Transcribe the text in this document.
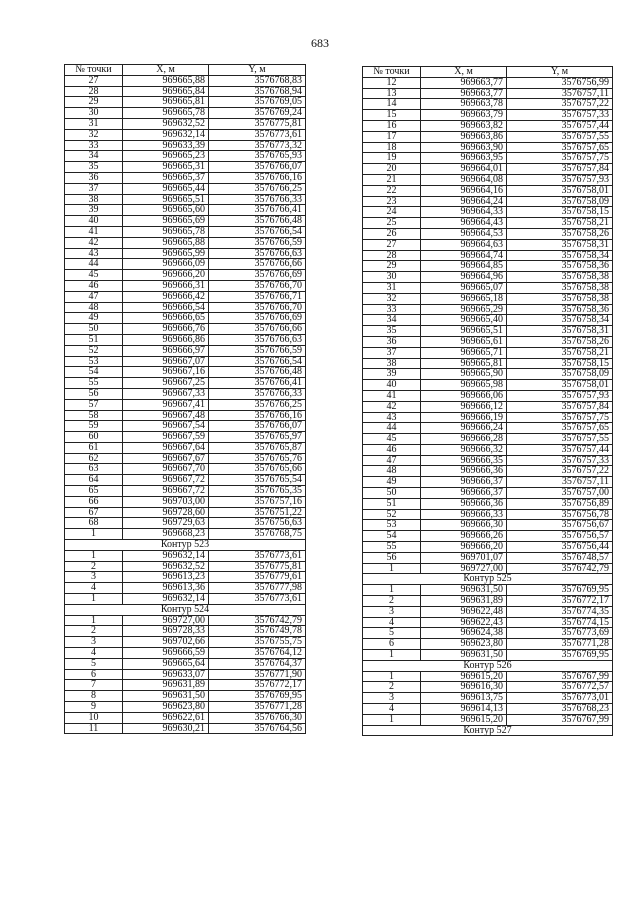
683
№ точки	X, м	Y, м
27	969665,88	3576768,83
28	969665,84	3576768,94
29	969665,81	3576769,05
30	969665,78	3576769,24
31	969632,52	3576775,81
32	969632,14	3576773,61
33	969633,39	3576773,32
34	969665,23	3576765,93
35	969665,31	3576766,07
36	969665,37	3576766,16
37	969665,44	3576766,25
38	969665,51	3576766,33
39	969665,60	3576766,41
40	969665,69	3576766,48
41	969665,78	3576766,54
42	969665,88	3576766,59
43	969665,99	3576766,63
44	969666,09	3576766,66
45	969666,20	3576766,69
46	969666,31	3576766,70
47	969666,42	3576766,71
48	969666,54	3576766,70
49	969666,65	3576766,69
50	969666,76	3576766,66
51	969666,86	3576766,63
52	969666,97	3576766,59
53	969667,07	3576766,54
54	969667,16	3576766,48
55	969667,25	3576766,41
56	969667,33	3576766,33
57	969667,41	3576766,25
58	969667,48	3576766,16
59	969667,54	3576766,07
60	969667,59	3576765,97
61	969667,64	3576765,87
62	969667,67	3576765,76
63	969667,70	3576765,66
64	969667,72	3576765,54
65	969667,72	3576765,35
66	969703,00	3576757,16
67	969728,60	3576751,22
68	969729,63	3576756,63
1	969668,23	3576768,75
Контур 523		
1	969632,14	3576773,61
2	969632,52	3576775,81
3	969613,23	3576779,61
4	969613,36	3576777,98
1	969632,14	3576773,61
Контур 524		
1	969727,00	3576742,79
2	969728,33	3576749,78
3	969702,66	3576755,75
4	969666,59	3576764,12
5	969665,64	3576764,37
6	969633,07	3576771,90
7	969631,89	3576772,17
8	969631,50	3576769,95
9	969623,80	3576771,28
10	969622,61	3576766,30
11	969630,21	3576764,56
№ точки	X, м	Y, м
12	969663,77	3576756,99
13	969663,77	3576757,11
14	969663,78	3576757,22
15	969663,79	3576757,33
16	969663,82	3576757,44
17	969663,86	3576757,55
18	969663,90	3576757,65
19	969663,95	3576757,75
20	969664,01	3576757,84
21	969664,08	3576757,93
22	969664,16	3576758,01
23	969664,24	3576758,09
24	969664,33	3576758,15
25	969664,43	3576758,21
26	969664,53	3576758,26
27	969664,63	3576758,31
28	969664,74	3576758,34
29	969664,85	3576758,36
30	969664,96	3576758,38
31	969665,07	3576758,38
32	969665,18	3576758,38
33	969665,29	3576758,36
34	969665,40	3576758,34
35	969665,51	3576758,31
36	969665,61	3576758,26
37	969665,71	3576758,21
38	969665,81	3576758,15
39	969665,90	3576758,09
40	969665,98	3576758,01
41	969666,06	3576757,93
42	969666,12	3576757,84
43	969666,19	3576757,75
44	969666,24	3576757,65
45	969666,28	3576757,55
46	969666,32	3576757,44
47	969666,35	3576757,33
48	969666,36	3576757,22
49	969666,37	3576757,11
50	969666,37	3576757,00
51	969666,36	3576756,89
52	969666,33	3576756,78
53	969666,30	3576756,67
54	969666,26	3576756,57
55	969666,20	3576756,44
56	969701,07	3576748,57
1	969727,00	3576742,79
Контур 525		
1	969631,50	3576769,95
2	969631,89	3576772,17
3	969622,48	3576774,35
4	969622,43	3576774,15
5	969624,38	3576773,69
6	969623,80	3576771,28
1	969631,50	3576769,95
Контур 526		
1	969615,20	3576767,99
2	969616,30	3576772,57
3	969613,75	3576773,01
4	969614,13	3576768,23
1	969615,20	3576767,99
Контур 527		
